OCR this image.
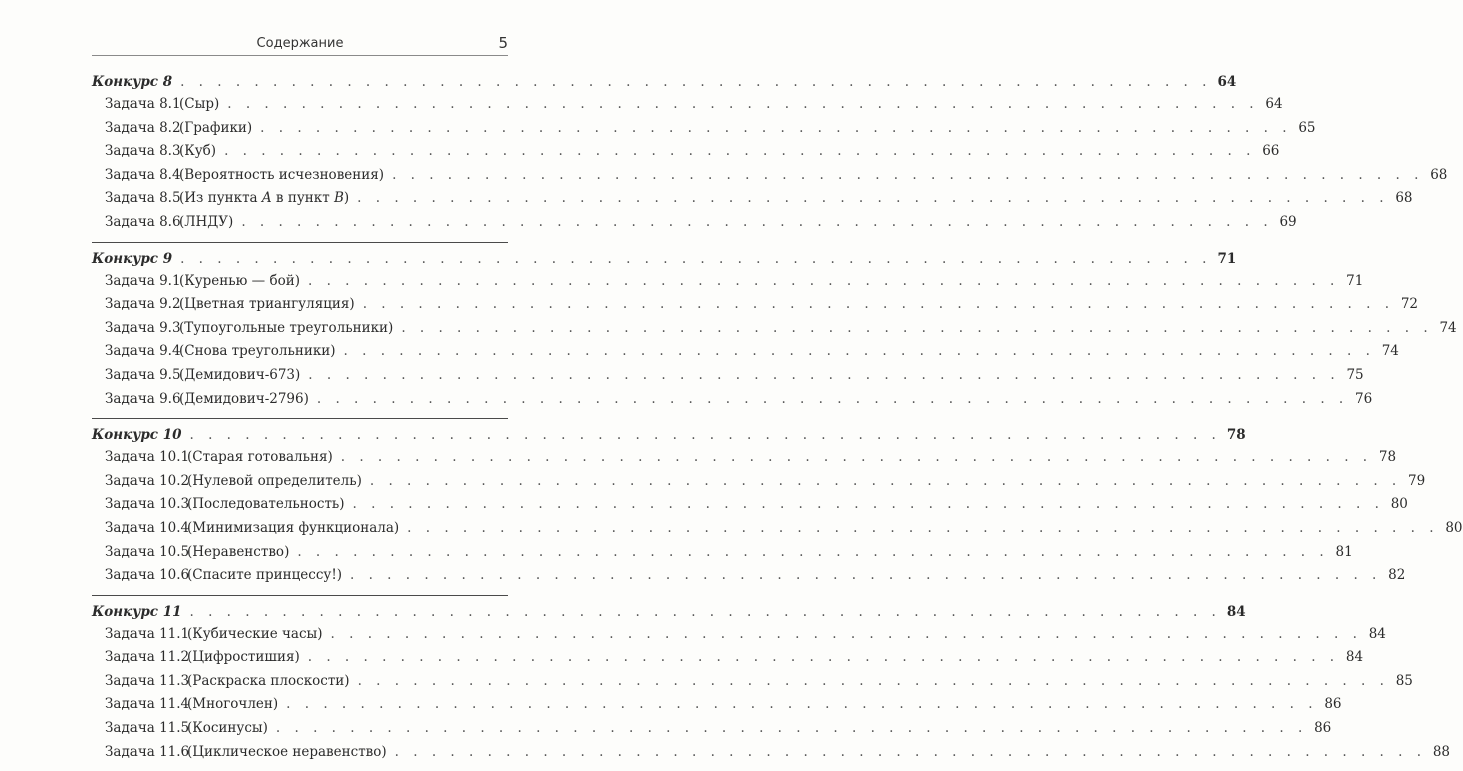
Содержание	5
Конкурс 8 . . . . . . . . . . . . . . . . . . . . . . . . . . . . . . . . . . . . . . . . . . . . . . . . . . . . . . . . 64
Задача 8.1(Сыр) . . . . . . . . . . . . . . . . . . . . . . . . . . . . . . . . . . . . . . . . . . . . . . . . . . . . . . . . 64
Задача 8.2(Графики) . . . . . . . . . . . . . . . . . . . . . . . . . . . . . . . . . . . . . . . . . . . . . . . . . . . . . . . . 65
Задача 8.3(Куб) . . . . . . . . . . . . . . . . . . . . . . . . . . . . . . . . . . . . . . . . . . . . . . . . . . . . . . . . 66
Задача 8.4(Вероятность исчезновения) . . . . . . . . . . . . . . . . . . . . . . . . . . . . . . . . . . . . . . . . . . . . . . . . . . . . . . . . 68
Задача 8.5(Из пункта A в пункт B) . . . . . . . . . . . . . . . . . . . . . . . . . . . . . . . . . . . . . . . . . . . . . . . . . . . . . . . . 68
Задача 8.6(ЛНДУ) . . . . . . . . . . . . . . . . . . . . . . . . . . . . . . . . . . . . . . . . . . . . . . . . . . . . . . . . 69
Конкурс 9 . . . . . . . . . . . . . . . . . . . . . . . . . . . . . . . . . . . . . . . . . . . . . . . . . . . . . . . . 71
Задача 9.1(Куренью — бой) . . . . . . . . . . . . . . . . . . . . . . . . . . . . . . . . . . . . . . . . . . . . . . . . . . . . . . . . 71
Задача 9.2(Цветная триангуляция) . . . . . . . . . . . . . . . . . . . . . . . . . . . . . . . . . . . . . . . . . . . . . . . . . . . . . . . . 72
Задача 9.3(Тупоугольные треугольники) . . . . . . . . . . . . . . . . . . . . . . . . . . . . . . . . . . . . . . . . . . . . . . . . . . . . . . . . 74
Задача 9.4(Снова треугольники) . . . . . . . . . . . . . . . . . . . . . . . . . . . . . . . . . . . . . . . . . . . . . . . . . . . . . . . . 74
Задача 9.5(Демидович-673) . . . . . . . . . . . . . . . . . . . . . . . . . . . . . . . . . . . . . . . . . . . . . . . . . . . . . . . . 75
Задача 9.6(Демидович-2796) . . . . . . . . . . . . . . . . . . . . . . . . . . . . . . . . . . . . . . . . . . . . . . . . . . . . . . . . 76
Конкурс 10 . . . . . . . . . . . . . . . . . . . . . . . . . . . . . . . . . . . . . . . . . . . . . . . . . . . . . . . . 78
Задача 10.1(Старая готовальня) . . . . . . . . . . . . . . . . . . . . . . . . . . . . . . . . . . . . . . . . . . . . . . . . . . . . . . . . 78
Задача 10.2(Нулевой определитель) . . . . . . . . . . . . . . . . . . . . . . . . . . . . . . . . . . . . . . . . . . . . . . . . . . . . . . . . 79
Задача 10.3(Последовательность) . . . . . . . . . . . . . . . . . . . . . . . . . . . . . . . . . . . . . . . . . . . . . . . . . . . . . . . . 80
Задача 10.4(Минимизация функционала) . . . . . . . . . . . . . . . . . . . . . . . . . . . . . . . . . . . . . . . . . . . . . . . . . . . . . . . . 80
Задача 10.5(Неравенство) . . . . . . . . . . . . . . . . . . . . . . . . . . . . . . . . . . . . . . . . . . . . . . . . . . . . . . . . 81
Задача 10.6(Спасите принцессу!) . . . . . . . . . . . . . . . . . . . . . . . . . . . . . . . . . . . . . . . . . . . . . . . . . . . . . . . . 82
Конкурс 11 . . . . . . . . . . . . . . . . . . . . . . . . . . . . . . . . . . . . . . . . . . . . . . . . . . . . . . . . 84
Задача 11.1(Кубические часы) . . . . . . . . . . . . . . . . . . . . . . . . . . . . . . . . . . . . . . . . . . . . . . . . . . . . . . . . 84
Задача 11.2(Цифростишия) . . . . . . . . . . . . . . . . . . . . . . . . . . . . . . . . . . . . . . . . . . . . . . . . . . . . . . . . 84
Задача 11.3(Раскраска плоскости) . . . . . . . . . . . . . . . . . . . . . . . . . . . . . . . . . . . . . . . . . . . . . . . . . . . . . . . . 85
Задача 11.4(Многочлен) . . . . . . . . . . . . . . . . . . . . . . . . . . . . . . . . . . . . . . . . . . . . . . . . . . . . . . . . 86
Задача 11.5(Косинусы) . . . . . . . . . . . . . . . . . . . . . . . . . . . . . . . . . . . . . . . . . . . . . . . . . . . . . . . . 86
Задача 11.6(Циклическое неравенство) . . . . . . . . . . . . . . . . . . . . . . . . . . . . . . . . . . . . . . . . . . . . . . . . . . . . . . . . 88
